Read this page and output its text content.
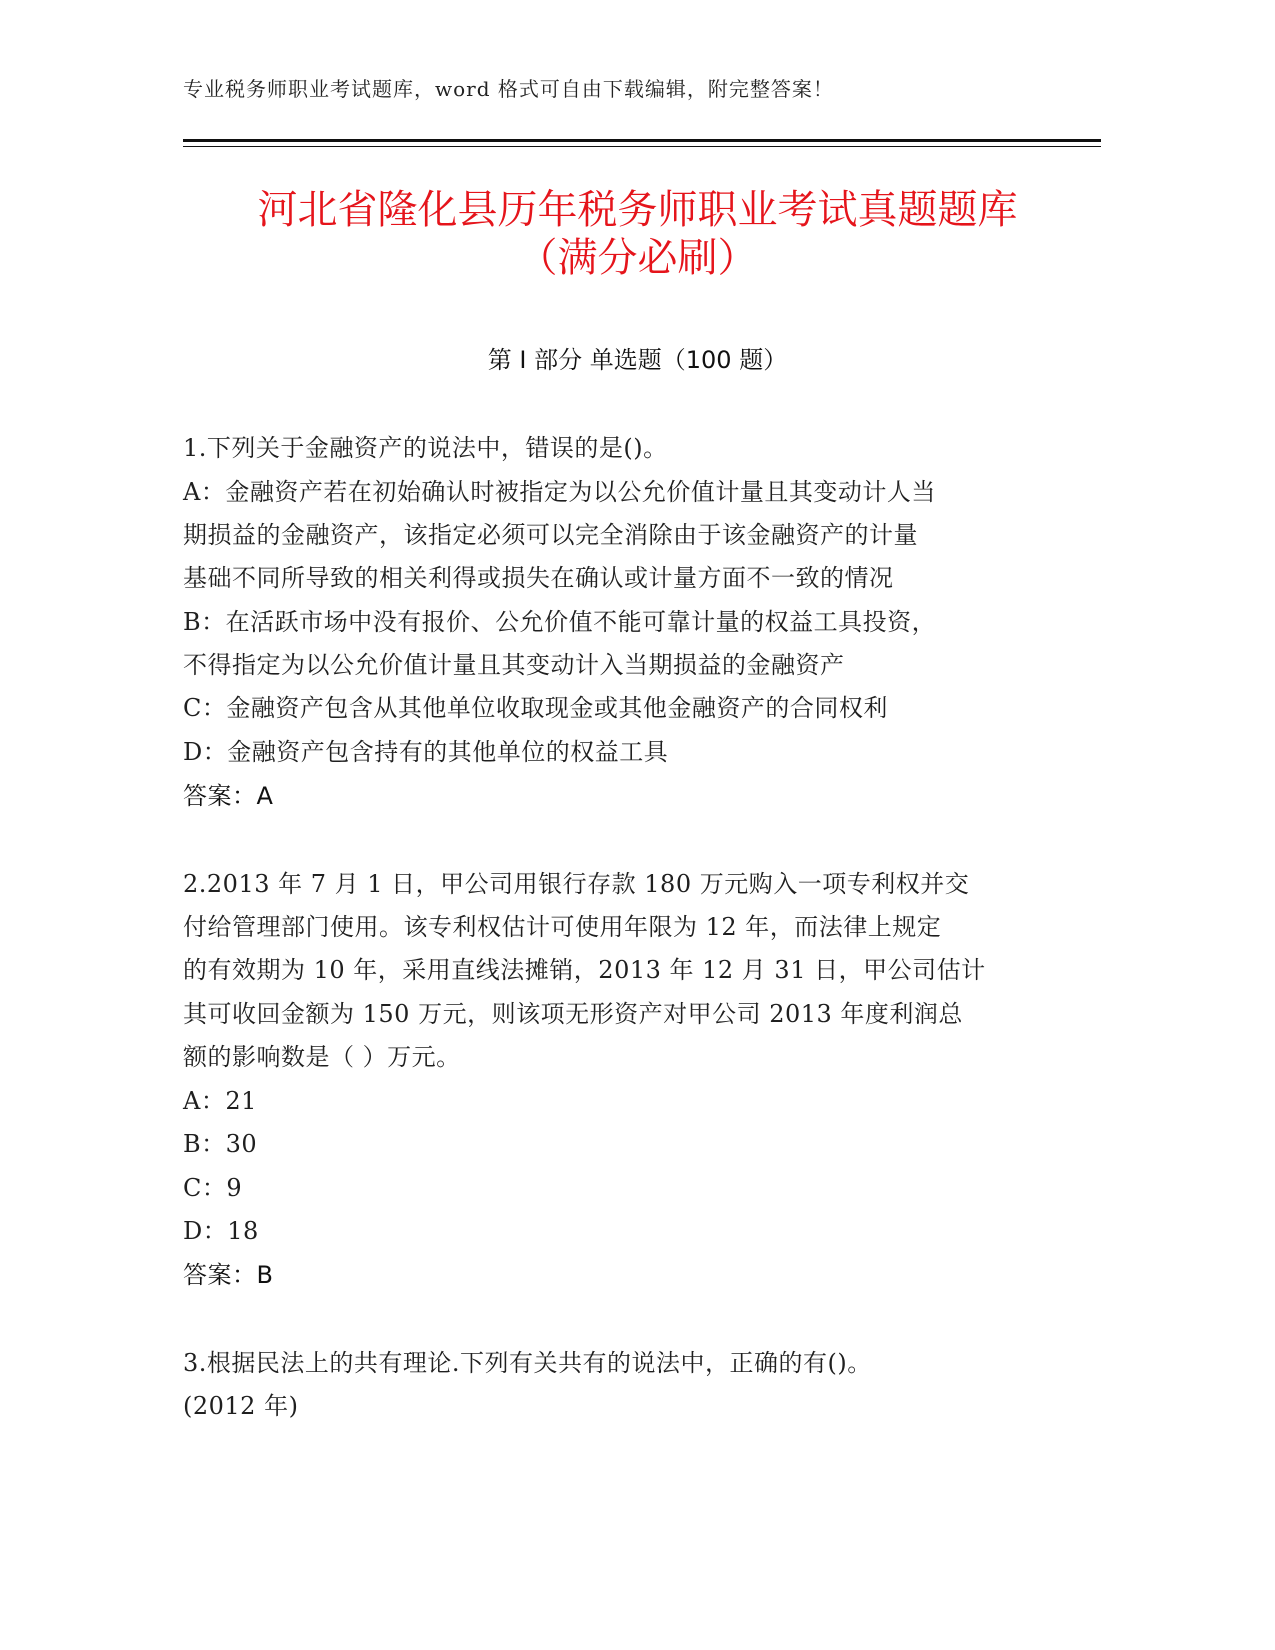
专业税务师职业考试题库，word 格式可自由下载编辑，附完整答案！
河北省隆化县历年税务师职业考试真题题库
（满分必刷）
第 I 部分 单选题（100 题）
1.下列关于金融资产的说法中，错误的是()。
A：金融资产若在初始确认时被指定为以公允价值计量且其变动计人当
期损益的金融资产，该指定必须可以完全消除由于该金融资产的计量
基础不同所导致的相关利得或损失在确认或计量方面不一致的情况
B：在活跃市场中没有报价、公允价值不能可靠计量的权益工具投资，
不得指定为以公允价值计量且其变动计入当期损益的金融资产
C：金融资产包含从其他单位收取现金或其他金融资产的合同权利
D：金融资产包含持有的其他单位的权益工具
答案：A
2.2013 年 7 月 1 日，甲公司用银行存款 180 万元购入一项专利权并交
付给管理部门使用。该专利权估计可使用年限为 12 年，而法律上规定
的有效期为 10 年，采用直线法摊销，2013 年 12 月 31 日，甲公司估计
其可收回金额为 150 万元，则该项无形资产对甲公司 2013 年度利润总
额的影响数是（ ）万元。
A：21
B：30
C：9
D：18
答案：B
3.根据民法上的共有理论.下列有关共有的说法中，正确的有()。
(2012 年)
